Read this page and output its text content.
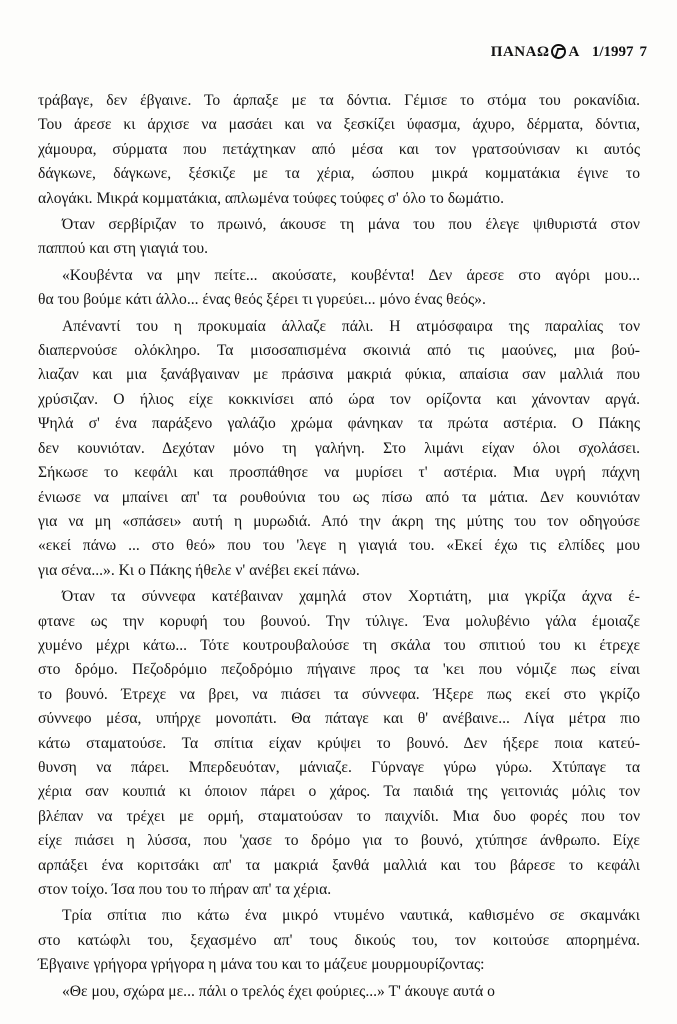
ΠΑΝΑΩ Α 1/1997 7

τράβαγε, δεν έβγαινε. Το άρπαξε με τα δόντια. Γέμισε το στόμα του ροκανίδια.
Του άρεσε κι άρχισε να μασάει και να ξεσκίζει ύφασμα, άχυρο, δέρματα, δόντια,
χάμουρα, σύρματα που πετάχτηκαν από μέσα και τον γρατσούνισαν κι αυτός
δάγκωνε, δάγκωνε, ξέσκιζε με τα χέρια, ώσπου μικρά κομματάκια έγινε το
αλογάκι. Μικρά κομματάκια, απλωμένα τούφες τούφες σ' όλο το δωμάτιο.

Όταν σερβίριζαν το πρωινό, άκουσε τη μάνα του που έλεγε ψιθυριστά στον
παππού και στη γιαγιά του.

«Κουβέντα να μην πείτε... ακούσατε, κουβέντα! Δεν άρεσε στο αγόρι μου...
θα του βούμε κάτι άλλο... ένας θεός ξέρει τι γυρεύει... μόνο ένας θεός».

Απέναντί του η προκυμαία άλλαζε πάλι. Η ατμόσφαιρα της παραλίας τον
διαπερνούσε ολόκληρο. Τα μισοσαπισμένα σκοινιά από τις μαούνες, μια βού-
λιαζαν και μια ξανάβγαιναν με πράσινα μακριά φύκια, απαίσια σαν μαλλιά που
χρύσιζαν. Ο ήλιος είχε κοκκινίσει από ώρα τον ορίζοντα και χάνονταν αργά.
Ψηλά σ' ένα παράξενο γαλάζιο χρώμα φάνηκαν τα πρώτα αστέρια. Ο Πάκης
δεν κουνιόταν. Δεχόταν μόνο τη γαλήνη. Στο λιμάνι είχαν όλοι σχολάσει.
Σήκωσε το κεφάλι και προσπάθησε να μυρίσει τ' αστέρια. Μια υγρή πάχνη
ένιωσε να μπαίνει απ' τα ρουθούνια του ως πίσω από τα μάτια. Δεν κουνιόταν
για να μη «σπάσει» αυτή η μυρωδιά. Από την άκρη της μύτης του τον οδηγούσε
«εκεί πάνω ... στο θεό» που του 'λεγε η γιαγιά του. «Εκεί έχω τις ελπίδες μου
για σένα...». Κι ο Πάκης ήθελε ν' ανέβει εκεί πάνω.

Όταν τα σύννεφα κατέβαιναν χαμηλά στον Χορτιάτη, μια γκρίζα άχνα έ-
φτανε ως την κορυφή του βουνού. Την τύλιγε. Ένα μολυβένιο γάλα έμοιαζε
χυμένο μέχρι κάτω... Τότε κουτρουβαλούσε τη σκάλα του σπιτιού του κι έτρεχε
στο δρόμο. Πεζοδρόμιο πεζοδρόμιο πήγαινε προς τα 'κει που νόμιζε πως είναι
το βουνό. Έτρεχε να βρει, να πιάσει τα σύννεφα. Ήξερε πως εκεί στο γκρίζο
σύννεφο μέσα, υπήρχε μονοπάτι. Θα πάταγε και θ' ανέβαινε... Λίγα μέτρα πιο
κάτω σταματούσε. Τα σπίτια είχαν κρύψει το βουνό. Δεν ήξερε ποια κατεύ-
θυνση να πάρει. Μπερδευόταν, μάνιαζε. Γύρναγε γύρω γύρω. Χτύπαγε τα
χέρια σαν κουπιά κι όποιον πάρει ο χάρος. Τα παιδιά της γειτονιάς μόλις τον
βλέπαν να τρέχει με ορμή, σταματούσαν το παιχνίδι. Μια δυο φορές που τον
είχε πιάσει η λύσσα, που 'χασε το δρόμο για το βουνό, χτύπησε άνθρωπο. Είχε
αρπάξει ένα κοριτσάκι απ' τα μακριά ξανθά μαλλιά και του βάρεσε το κεφάλι
στον τοίχο. Ίσα που του το πήραν απ' τα χέρια.

Τρία σπίτια πιο κάτω ένα μικρό ντυμένο ναυτικά, καθισμένο σε σκαμνάκι
στο κατώφλι του, ξεχασμένο απ' τους δικούς του, τον κοιτούσε απορημένα.
Έβγαινε γρήγορα γρήγορα η μάνα του και το μάζευε μουρμουρίζοντας:

«Θε μου, σχώρα με... πάλι ο τρελός έχει φούριες...» Τ' άκουγε αυτά ο
